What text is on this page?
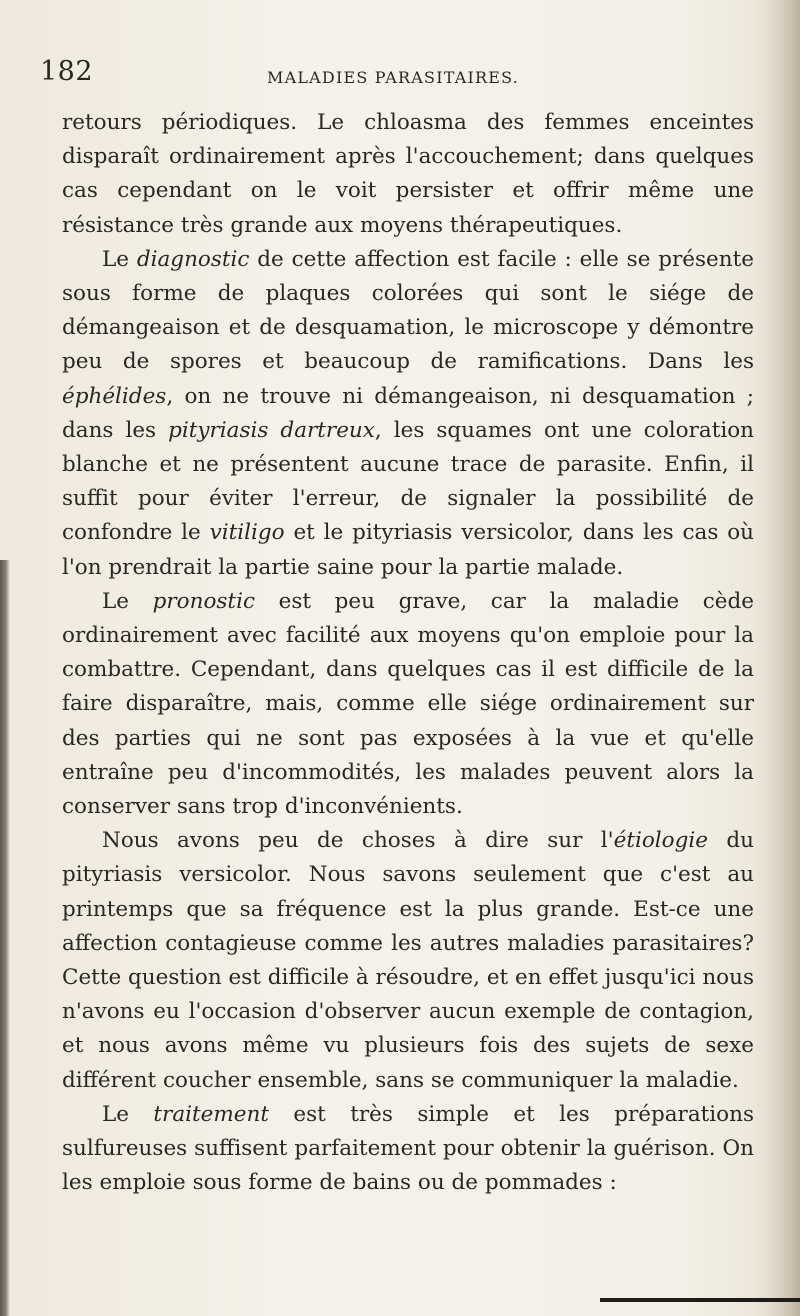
182	MALADIES PARASITAIRES.

retours périodiques. Le chloasma des femmes enceintes disparaît ordinairement après l'accouchement; dans quelques cas cependant on le voit persister et offrir même une résistance très grande aux moyens thérapeutiques.

Le diagnostic de cette affection est facile : elle se présente sous forme de plaques colorées qui sont le siége de démangeaison et de desquamation, le microscope y démontre peu de spores et beaucoup de ramifications. Dans les éphélides, on ne trouve ni démangeaison, ni desquamation ; dans les pityriasis dartreux, les squames ont une coloration blanche et ne présentent aucune trace de parasite. Enfin, il suffit pour éviter l'erreur, de signaler la possibilité de confondre le vitiligo et le pityriasis versicolor, dans les cas où l'on prendrait la partie saine pour la partie malade.

Le pronostic est peu grave, car la maladie cède ordinairement avec facilité aux moyens qu'on emploie pour la combattre. Cependant, dans quelques cas il est difficile de la faire disparaître, mais, comme elle siége ordinairement sur des parties qui ne sont pas exposées à la vue et qu'elle entraîne peu d'incommodités, les malades peuvent alors la conserver sans trop d'inconvénients.

Nous avons peu de choses à dire sur l'étiologie du pityriasis versicolor. Nous savons seulement que c'est au printemps que sa fréquence est la plus grande. Est-ce une affection contagieuse comme les autres maladies parasitaires? Cette question est difficile à résoudre, et en effet jusqu'ici nous n'avons eu l'occasion d'observer aucun exemple de contagion, et nous avons même vu plusieurs fois des sujets de sexe différent coucher ensemble, sans se communiquer la maladie.

Le traitement est très simple et les préparations sulfureuses suffisent parfaitement pour obtenir la guérison. On les emploie sous forme de bains ou de pommades :
